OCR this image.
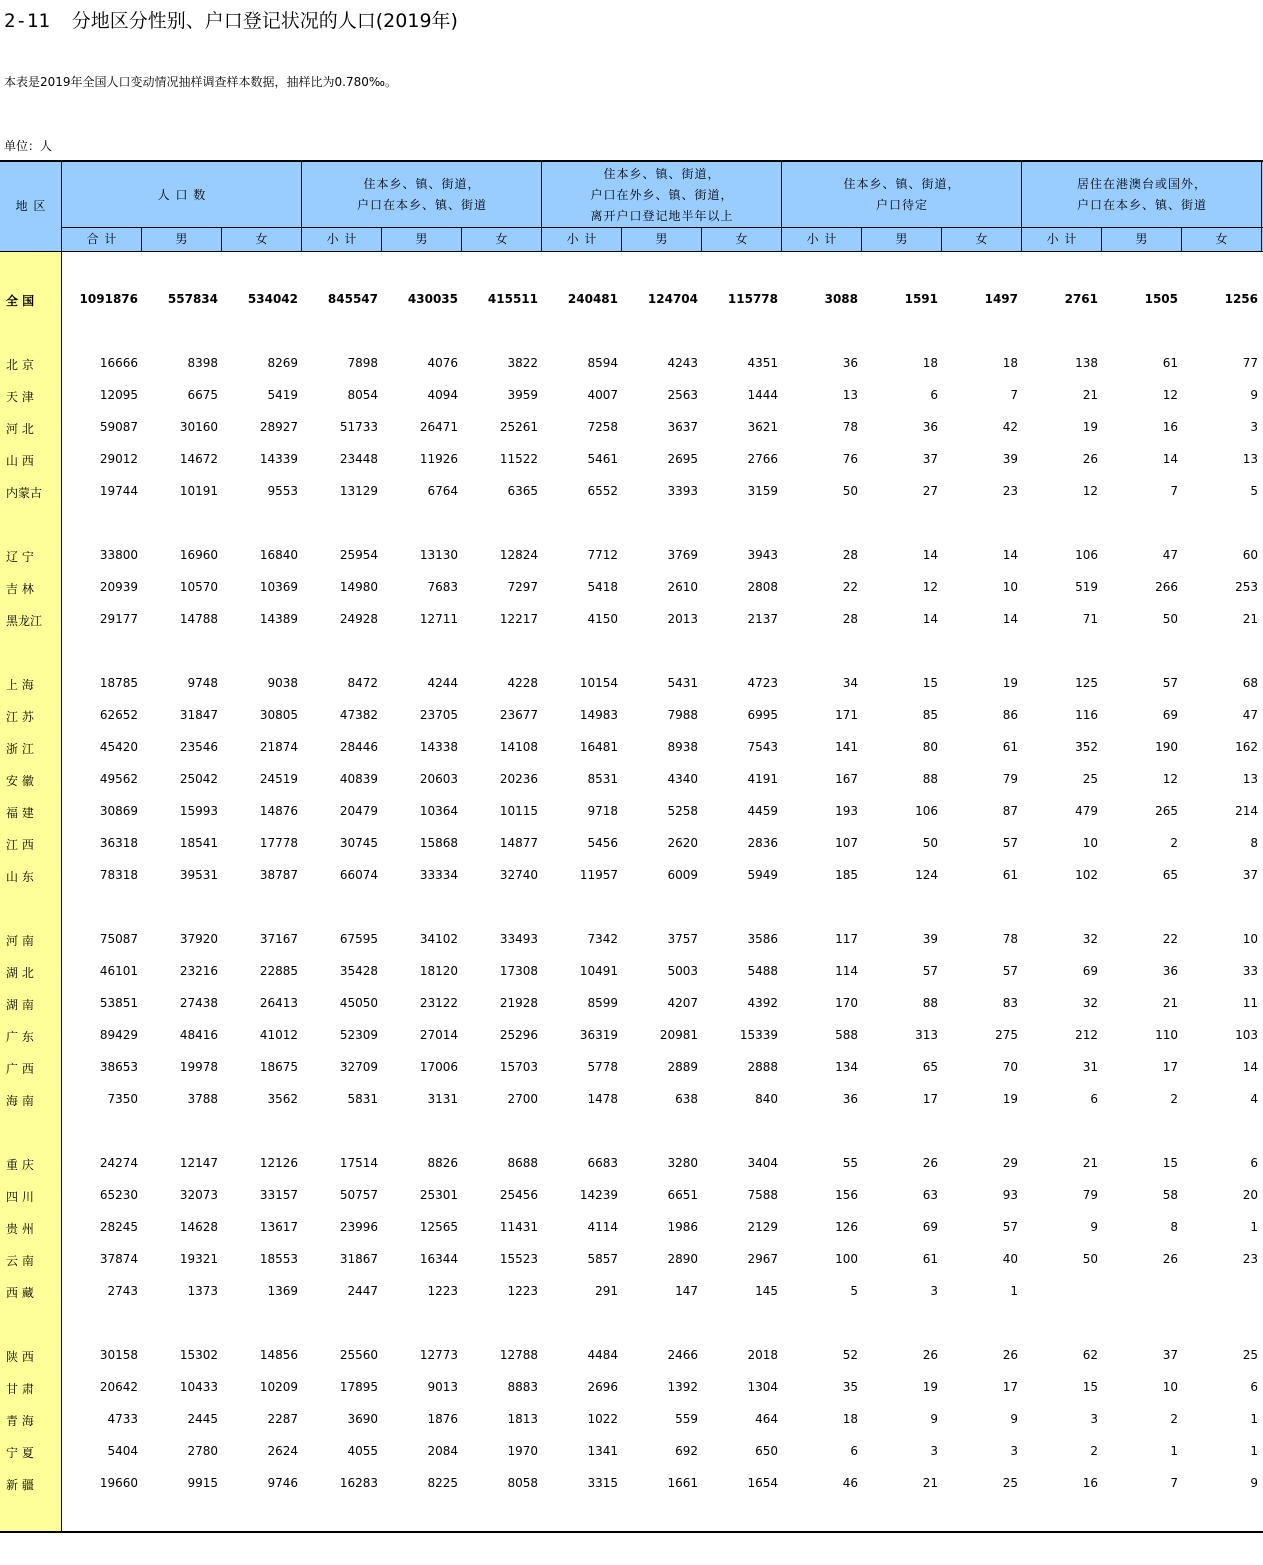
2-11 分地区分性别、户口登记状况的人口(2019年)
本表是2019年全国人口变动情况抽样调查样本数据，抽样比为0.780‰。
单位：人
地 区
人 口 数
住本乡、镇、街道，
户口在本乡、镇、街道
住本乡、镇、街道，
户口在外乡、镇、街道，
离开户口登记地半年以上
住本乡、镇、街道，
户口待定
居住在港澳台或国外，
户口在本乡、镇、街道
合 计	男	女	小 计	男	女	小 计	男	女	小 计	男	女	小 计	男	女
全 国	1091876	557834	534042	845547	430035	415511	240481	124704	115778	3088	1591	1497	2761	1505	1256
北 京	16666	8398	8269	7898	4076	3822	8594	4243	4351	36	18	18	138	61	77
天 津	12095	6675	5419	8054	4094	3959	4007	2563	1444	13	6	7	21	12	9
河 北	59087	30160	28927	51733	26471	25261	7258	3637	3621	78	36	42	19	16	3
山 西	29012	14672	14339	23448	11926	11522	5461	2695	2766	76	37	39	26	14	13
内蒙古	19744	10191	9553	13129	6764	6365	6552	3393	3159	50	27	23	12	7	5
辽 宁	33800	16960	16840	25954	13130	12824	7712	3769	3943	28	14	14	106	47	60
吉 林	20939	10570	10369	14980	7683	7297	5418	2610	2808	22	12	10	519	266	253
黑龙江	29177	14788	14389	24928	12711	12217	4150	2013	2137	28	14	14	71	50	21
上 海	18785	9748	9038	8472	4244	4228	10154	5431	4723	34	15	19	125	57	68
江 苏	62652	31847	30805	47382	23705	23677	14983	7988	6995	171	85	86	116	69	47
浙 江	45420	23546	21874	28446	14338	14108	16481	8938	7543	141	80	61	352	190	162
安 徽	49562	25042	24519	40839	20603	20236	8531	4340	4191	167	88	79	25	12	13
福 建	30869	15993	14876	20479	10364	10115	9718	5258	4459	193	106	87	479	265	214
江 西	36318	18541	17778	30745	15868	14877	5456	2620	2836	107	50	57	10	2	8
山 东	78318	39531	38787	66074	33334	32740	11957	6009	5949	185	124	61	102	65	37
河 南	75087	37920	37167	67595	34102	33493	7342	3757	3586	117	39	78	32	22	10
湖 北	46101	23216	22885	35428	18120	17308	10491	5003	5488	114	57	57	69	36	33
湖 南	53851	27438	26413	45050	23122	21928	8599	4207	4392	170	88	83	32	21	11
广 东	89429	48416	41012	52309	27014	25296	36319	20981	15339	588	313	275	212	110	103
广 西	38653	19978	18675	32709	17006	15703	5778	2889	2888	134	65	70	31	17	14
海 南	7350	3788	3562	5831	3131	2700	1478	638	840	36	17	19	6	2	4
重 庆	24274	12147	12126	17514	8826	8688	6683	3280	3404	55	26	29	21	15	6
四 川	65230	32073	33157	50757	25301	25456	14239	6651	7588	156	63	93	79	58	20
贵 州	28245	14628	13617	23996	12565	11431	4114	1986	2129	126	69	57	9	8	1
云 南	37874	19321	18553	31867	16344	15523	5857	2890	2967	100	61	40	50	26	23
西 藏	2743	1373	1369	2447	1223	1223	291	147	145	5	3	1
陕 西	30158	15302	14856	25560	12773	12788	4484	2466	2018	52	26	26	62	37	25
甘 肃	20642	10433	10209	17895	9013	8883	2696	1392	1304	35	19	17	15	10	6
青 海	4733	2445	2287	3690	1876	1813	1022	559	464	18	9	9	3	2	1
宁 夏	5404	2780	2624	4055	2084	1970	1341	692	650	6	3	3	2	1	1
新 疆	19660	9915	9746	16283	8225	8058	3315	1661	1654	46	21	25	16	7	9
